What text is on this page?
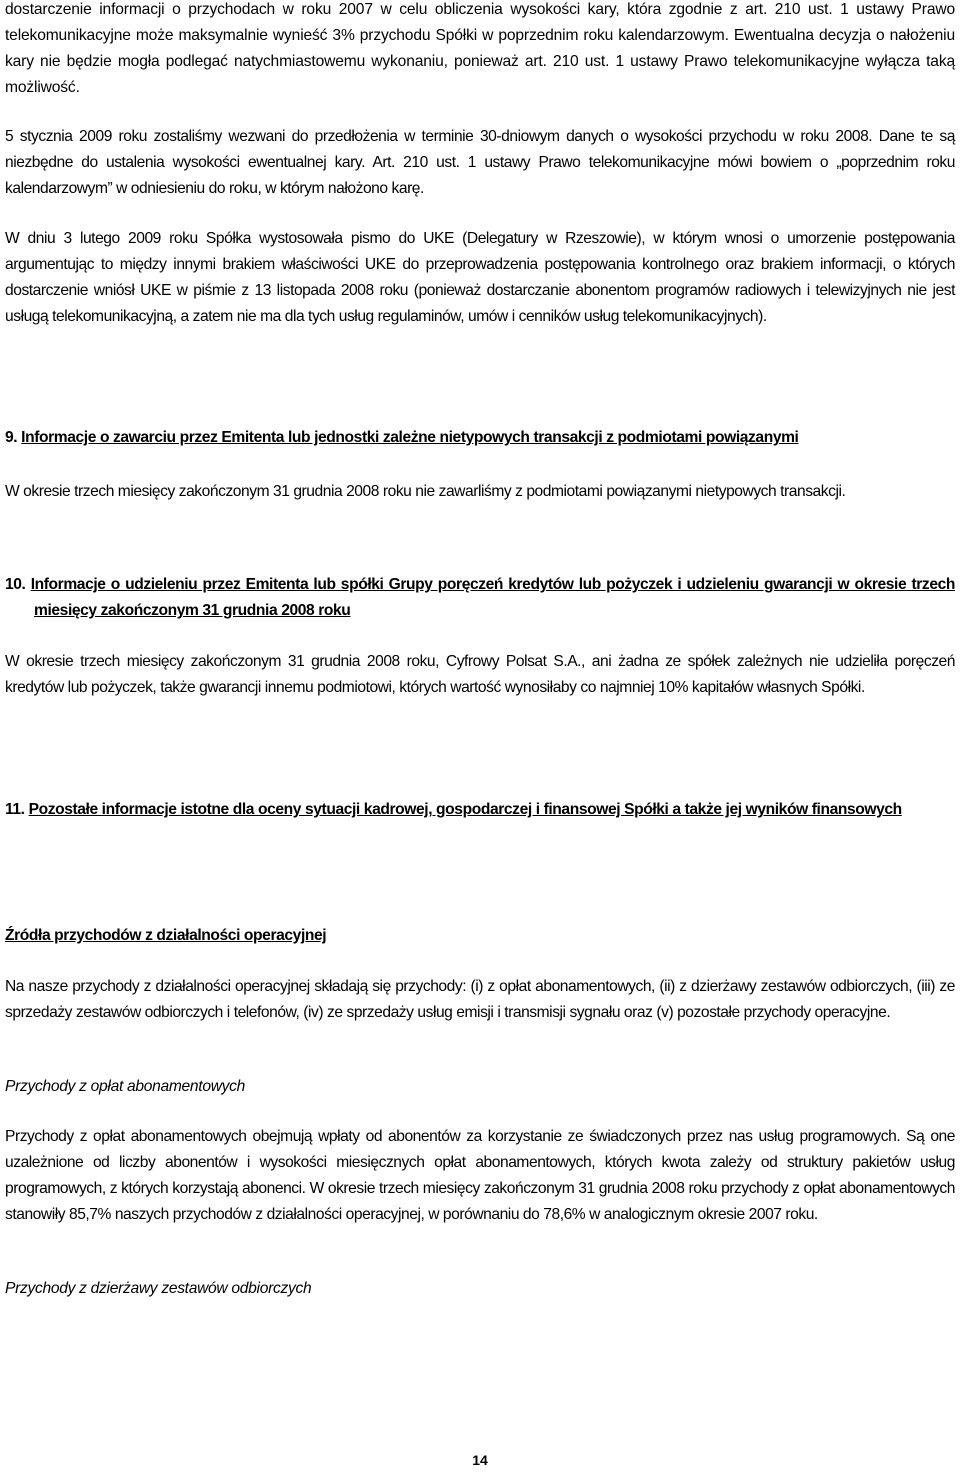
dostarczenie informacji o przychodach w roku 2007 w celu obliczenia wysokości kary, która zgodnie z art. 210 ust. 1 ustawy Prawo telekomunikacyjne może maksymalnie wynieść 3% przychodu Spółki w poprzednim roku kalendarzowym. Ewentualna decyzja o nałożeniu kary nie będzie mogła podlegać natychmiastowemu wykonaniu, ponieważ art. 210 ust. 1 ustawy Prawo telekomunikacyjne wyłącza taką możliwość.

5 stycznia 2009 roku zostaliśmy wezwani do przedłożenia w terminie 30-dniowym danych o wysokości przychodu w roku 2008. Dane te są niezbędne do ustalenia wysokości ewentualnej kary. Art. 210 ust. 1 ustawy Prawo telekomunikacyjne mówi bowiem o „poprzednim roku kalendarzowym” w odniesieniu do roku, w którym nałożono karę.

W dniu 3 lutego 2009 roku Spółka wystosowała pismo do UKE (Delegatury w Rzeszowie), w którym wnosi o umorzenie postępowania argumentując to między innymi brakiem właściwości UKE do przeprowadzenia postępowania kontrolnego oraz brakiem informacji, o których dostarczenie wniósł UKE w piśmie z 13 listopada 2008 roku (ponieważ dostarczanie abonentom programów radiowych i telewizyjnych nie jest usługą telekomunikacyjną, a zatem nie ma dla tych usług regulaminów, umów i cenników usług telekomunikacyjnych).

9. Informacje o zawarciu przez Emitenta lub jednostki zależne nietypowych transakcji z podmiotami powiązanymi

W okresie trzech miesięcy zakończonym 31 grudnia 2008 roku nie zawarliśmy z podmiotami powiązanymi nietypowych transakcji.

10. Informacje o udzieleniu przez Emitenta lub spółki Grupy poręczeń kredytów lub pożyczek i udzieleniu gwarancji w okresie trzech miesięcy zakończonym 31 grudnia 2008 roku

W okresie trzech miesięcy zakończonym 31 grudnia 2008 roku, Cyfrowy Polsat S.A., ani żadna ze spółek zależnych nie udzieliła poręczeń kredytów lub pożyczek, także gwarancji innemu podmiotowi, których wartość wynosiłaby co najmniej 10% kapitałów własnych Spółki.

11. Pozostałe informacje istotne dla oceny sytuacji kadrowej, gospodarczej i finansowej Spółki a także jej wyników finansowych

Źródła przychodów z działalności operacyjnej

Na nasze przychody z działalności operacyjnej składają się przychody: (i) z opłat abonamentowych, (ii) z dzierżawy zestawów odbiorczych, (iii) ze sprzedaży zestawów odbiorczych i telefonów, (iv) ze sprzedaży usług emisji i transmisji sygnału oraz (v) pozostałe przychody operacyjne.

Przychody z opłat abonamentowych

Przychody z opłat abonamentowych obejmują wpłaty od abonentów za korzystanie ze świadczonych przez nas usług programowych. Są one uzależnione od liczby abonentów i wysokości miesięcznych opłat abonamentowych, których kwota zależy od struktury pakietów usług programowych, z których korzystają abonenci. W okresie trzech miesięcy zakończonym 31 grudnia 2008 roku przychody z opłat abonamentowych stanowiły 85,7% naszych przychodów z działalności operacyjnej, w porównaniu do 78,6% w analogicznym okresie 2007 roku.

Przychody z dzierżawy zestawów odbiorczych

14
